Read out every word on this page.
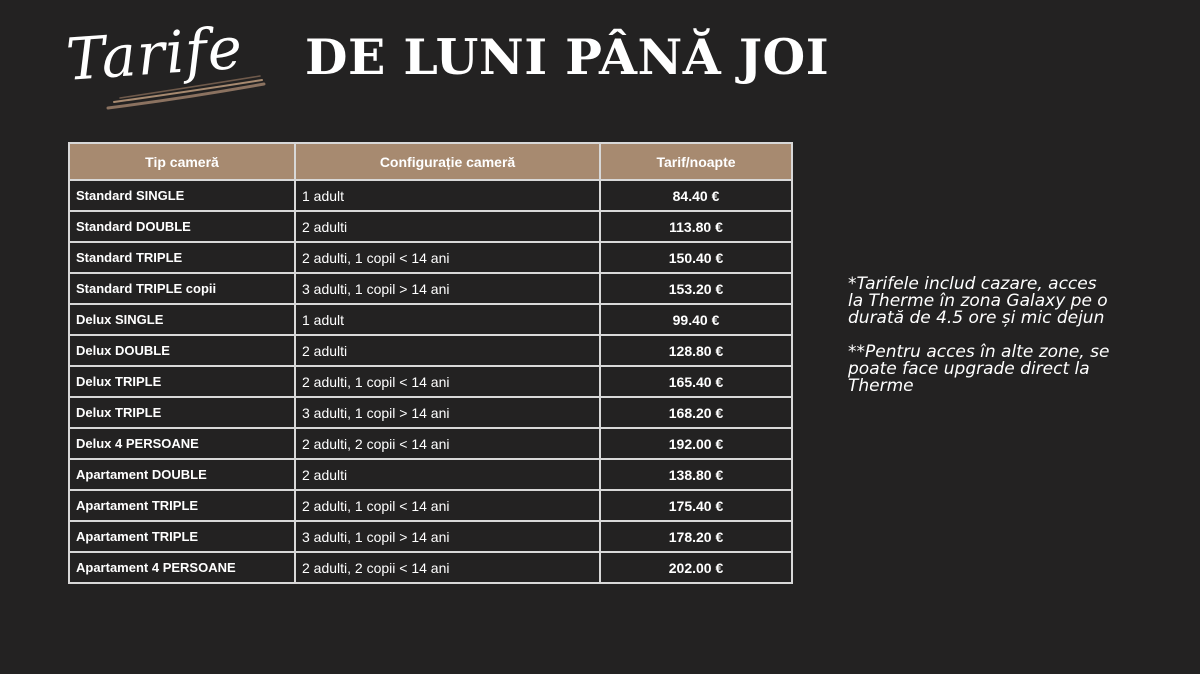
Tarife DE LUNI PÂNĂ JOI
Tip cameră	Configurație cameră	Tarif/noapte
Standard SINGLE	1 adult	84.40 €
Standard DOUBLE	2 adulti	113.80 €
Standard TRIPLE	2 adulti, 1 copil < 14 ani	150.40 €
Standard TRIPLE copii	3 adulti, 1 copil > 14 ani	153.20 €
Delux SINGLE	1 adult	99.40 €
Delux DOUBLE	2 adulti	128.80 €
Delux TRIPLE	2 adulti, 1 copil < 14 ani	165.40 €
Delux TRIPLE	3 adulti, 1 copil > 14 ani	168.20 €
Delux 4 PERSOANE	2 adulti, 2 copii < 14 ani	192.00 €
Apartament DOUBLE	2 adulti	138.80 €
Apartament TRIPLE	2 adulti, 1 copil < 14 ani	175.40 €
Apartament TRIPLE	3 adulti, 1 copil > 14 ani	178.20 €
Apartament 4 PERSOANE	2 adulti, 2 copii < 14 ani	202.00 €

*Tarifele includ cazare, acces la Therme în zona Galaxy pe o durată de 4.5 ore și mic dejun

**Pentru acces în alte zone, se poate face upgrade direct la Therme
